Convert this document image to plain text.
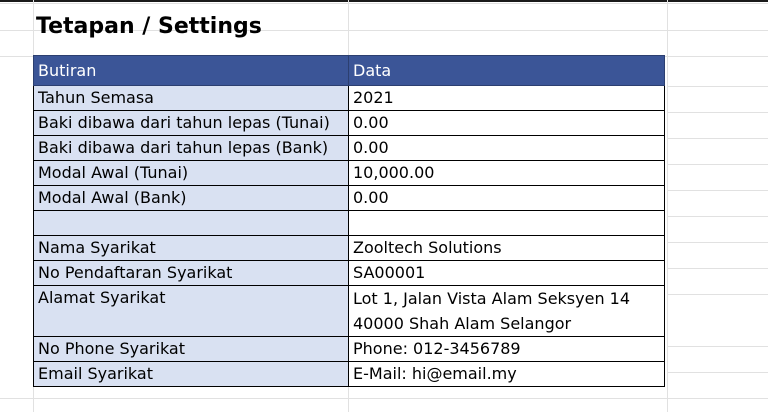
Tetapan / Settings
Butiran	Data
Tahun Semasa	2021
Baki dibawa dari tahun lepas (Tunai)	0.00
Baki dibawa dari tahun lepas (Bank)	0.00
Modal Awal (Tunai)	10,000.00
Modal Awal (Bank)	0.00

Nama Syarikat	Zooltech Solutions
No Pendaftaran Syarikat	SA00001
Alamat Syarikat	Lot 1, Jalan Vista Alam Seksyen 14
40000 Shah Alam Selangor

No Phone Syarikat	Phone: 012-3456789
Email Syarikat	E-Mail: hi@email.my
